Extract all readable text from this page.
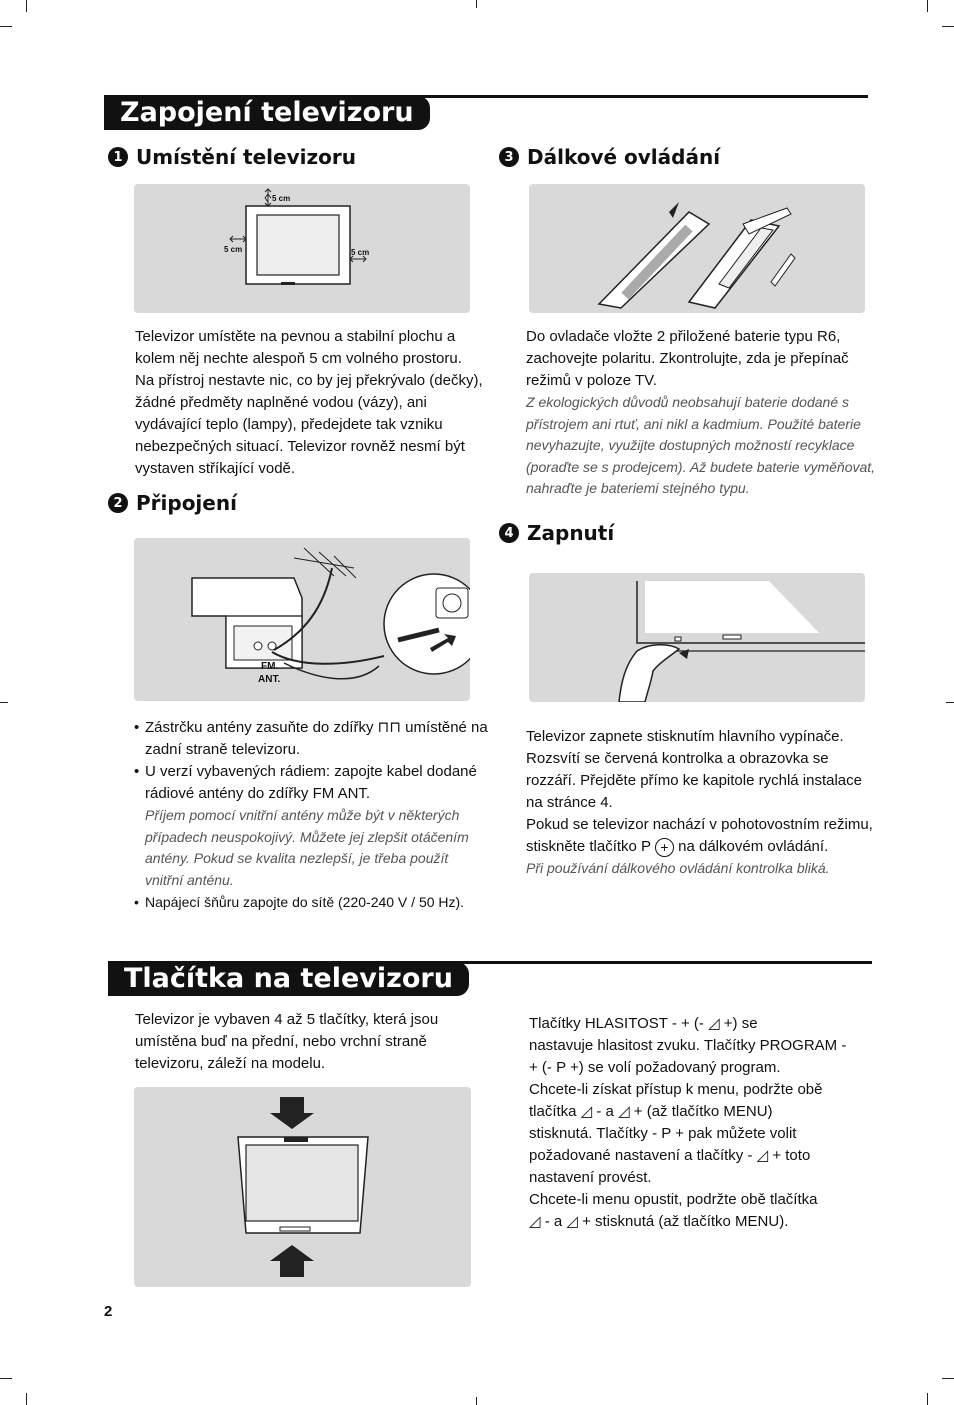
Zapojení televizoru
1 Umístění televizoru
5 cm
5 cm	5 cm
Televizor umístěte na pevnou a stabilní plochu a kolem něj nechte alespoň 5 cm volného prostoru. Na přístroj nestavte nic, co by jej překrývalo (dečky), žádné předměty naplněné vodou (vázy), ani vydávající teplo (lampy), předejdete tak vzniku nebezpečných situací. Televizor rovněž nesmí být vystaven stříkající vodě.
2 Připojení
FM.
ANT.
• Zástrčku antény zasuňte do zdířky ⊓⊓ umístěné na zadní straně televizoru.
• U verzí vybavených rádiem: zapojte kabel dodané rádiové antény do zdířky FM ANT.
Příjem pomocí vnitřní antény může být v některých případech neuspokojivý. Můžete jej zlepšit otáčením antény. Pokud se kvalita nezlepší, je třeba použít vnitřní anténu.
• Napájecí šňůru zapojte do sítě (220-240 V / 50 Hz).
3 Dálkové ovládání

Do ovladače vložte 2 přiložené baterie typu R6, zachovejte polaritu. Zkontrolujte, zda je přepínač režimů v poloze TV.

Z ekologických důvodů neobsahují baterie dodané s přístrojem ani rtuť, ani nikl a kadmium. Použité baterie nevyhazujte, využijte dostupných možností recyklace (poraďte se s prodejcem). Až budete baterie vyměňovat, nahraďte je bateriemi stejného typu.

4 Zapnutí

Televizor zapnete stisknutím hlavního vypínače. Rozsvítí se červená kontrolka a obrazovka se rozzáří. Přejděte přímo ke kapitole rychlá instalace na stránce 4.

Pokud se televizor nachází v pohotovostním režimu, stiskněte tlačítko P + na dálkovém ovládání.

Při používání dálkového ovládání kontrolka bliká.

Tlačítka na televizoru
Televizor je vybaven 4 až 5 tlačítky, která jsou umístěna buď na přední, nebo vrchní straně televizoru, záleží na modelu.
Tlačítky HLASITOST - + (- ◿ +) se
nastavuje hlasitost zvuku. Tlačítky PROGRAM -
+ (- P +) se volí požadovaný program.
Chcete-li získat přístup k menu, podržte obě
tlačítka ◿ - a ◿ + (až tlačítko MENU)
stisknutá. Tlačítky - P + pak můžete volit
požadované nastavení a tlačítky - ◿ + toto
nastavení provést.
Chcete-li menu opustit, podržte obě tlačítka
◿ - a ◿ + stisknutá (až tlačítko MENU).
2
